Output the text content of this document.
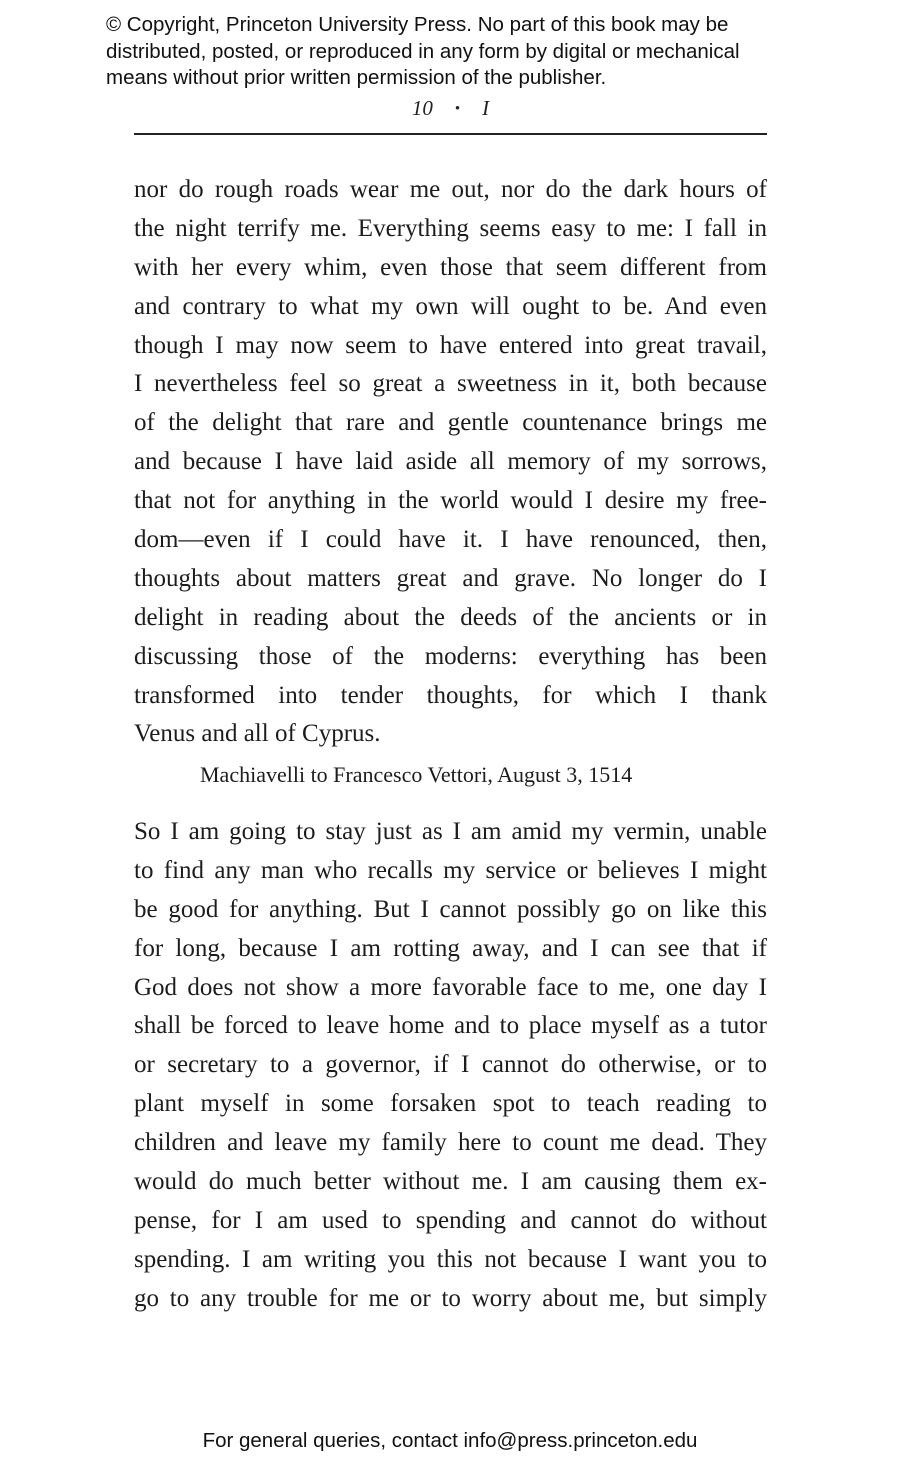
© Copyright, Princeton University Press. No part of this book may be
distributed, posted, or reproduced in any form by digital or mechanical
means without prior written permission of the publisher.
10 • I
nor do rough roads wear me out, nor do the dark hours of
the night terrify me. Everything seems easy to me: I fall in
with her every whim, even those that seem different from
and contrary to what my own will ought to be. And even
though I may now seem to have entered into great travail,
I nevertheless feel so great a sweetness in it, both because
of the delight that rare and gentle countenance brings me
and because I have laid aside all memory of my sorrows,
that not for anything in the world would I desire my free-
dom—even if I could have it. I have renounced, then,
thoughts about matters great and grave. No longer do I
delight in reading about the deeds of the ancients or in
discussing those of the moderns: everything has been
transformed into tender thoughts, for which I thank
Venus and all of Cyprus.
Machiavelli to Francesco Vettori, August 3, 1514
So I am going to stay just as I am amid my vermin, unable
to find any man who recalls my service or believes I might
be good for anything. But I cannot possibly go on like this
for long, because I am rotting away, and I can see that if
God does not show a more favorable face to me, one day I
shall be forced to leave home and to place myself as a tutor
or secretary to a governor, if I cannot do otherwise, or to
plant myself in some forsaken spot to teach reading to
children and leave my family here to count me dead. They
would do much better without me. I am causing them ex-
pense, for I am used to spending and cannot do without
spending. I am writing you this not because I want you to
go to any trouble for me or to worry about me, but simply
For general queries, contact info@press.princeton.edu
